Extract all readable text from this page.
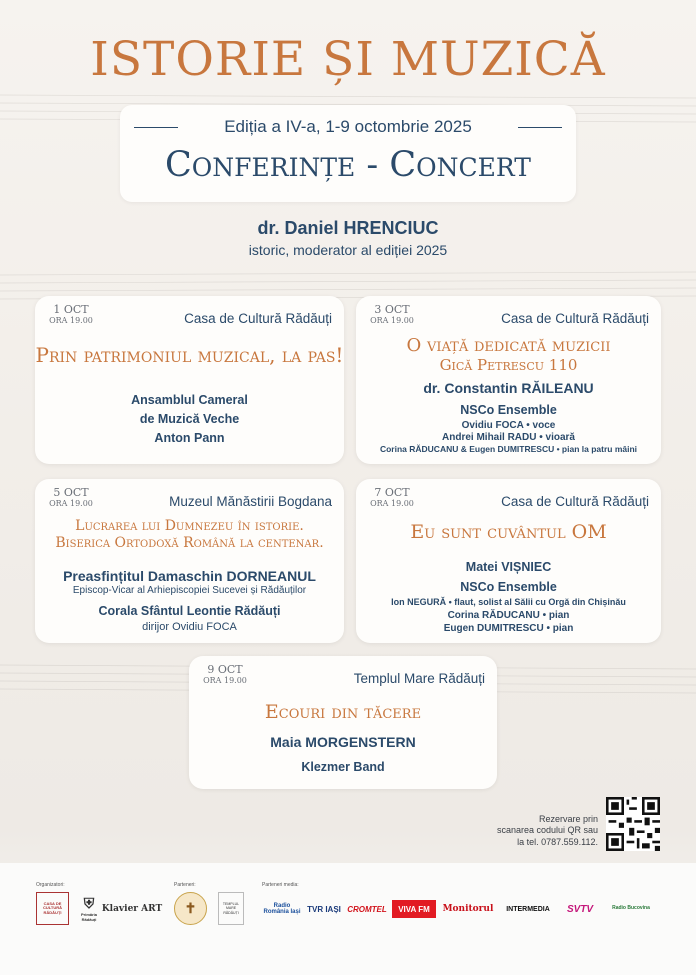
ISTORIE ȘI MUZICĂ
Ediția a IV-a, 1-9 octombrie 2025
Conferințe - Concert
dr. Daniel HRENCIUC
istoric, moderator al ediției 2025
1 OCT
ORA 19.00	Casa de Cultură Rădăuți
Prin patrimoniul muzical, la pas!
Ansamblul Cameral
de Muzică Veche
Anton Pann
3 OCT
ORA 19.00	Casa de Cultură Rădăuți
O viață dedicată muzicii
Gică Petrescu 110
dr. Constantin RĂILEANU
NSCo Ensemble
Ovidiu FOCA • voce
Andrei Mihail RADU • vioară
Corina RĂDUCANU & Eugen DUMITRESCU • pian la patru mâini
5 OCT
ORA 19.00	Muzeul Mănăstirii Bogdana
Lucrarea lui Dumnezeu în istorie.
Biserica Ortodoxă Română la centenar.
Preasfințitul Damaschin DORNEANUL
Episcop-Vicar al Arhiepiscopiei Sucevei și Rădăuților
Corala Sfântul Leontie Rădăuți
dirijor Ovidiu FOCA
7 OCT
ORA 19.00	Casa de Cultură Rădăuți
Eu sunt cuvântul OM
Matei VIȘNIEC
NSCo Ensemble
Ion NEGURĂ • flaut, solist al Sălii cu Orgă din Chișinău
Corina RĂDUCANU • pian
Eugen DUMITRESCU • pian
9 OCT
ORA 19.00	Templul Mare Rădăuți
Ecouri din tăcere
Maia MORGENSTERN
Klezmer Band
Rezervare prin
scanarea codului QR sau
la tel. 0787.559.112.
Organizatori:	Parteneri:	Parteneri media:
CASA DE CULTURĂ RĂDĂUȚI
⛨
Primăria Rădăuți
Klavier ART ✝	TEMPLUL MARE RĂDĂUȚI
Radio România Iași TVR IAȘI CROMTEL	VIVA FM	Monitorul	INTERMEDIA	SVTV	Radio Bucovina
